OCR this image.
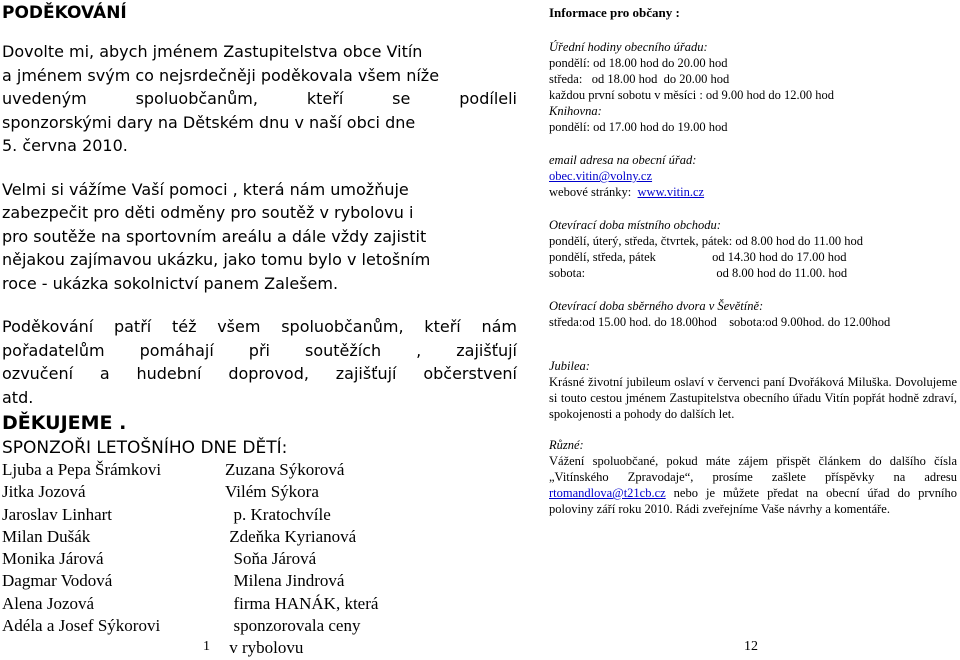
PODĚKOVÁNÍ
Dovolte mi, abych jménem Zastupitelstva obce Vitín
a jménem svým co nejsrdečněji poděkovala všem níže
uvedeným spoluobčanům, kteří se podíleli
sponzorskými dary na Dětském dnu v naší obci dne
5. června 2010.
Velmi si vážíme Vaší pomoci , která nám umožňuje
zabezpečit pro děti odměny pro soutěž v rybolovu i
pro soutěže na sportovním areálu a dále vždy zajistit
nějakou zajímavou ukázku, jako tomu bylo v letošním
roce - ukázka sokolnictví panem Zalešem.
Poděkování patří též všem spoluobčanům, kteří nám
pořadatelům pomáhají při soutěžích , zajišťují
ozvučení a hudební doprovod, zajišťují občerstvení
atd.
DĚKUJEME .
SPONZOŘI LETOŠNÍHO DNE DĚTÍ:
Ljuba a Pepa Šrámkovi	Zuzana Sýkorová
Jitka Jozová	Vilém Sýkora
Jaroslav Linhart	p. Kratochvíle
Milan Dušák	Zdeňka Kyrianová
Monika Járová	Soňa Járová
Dagmar Vodová	Milena Jindrová
Alena Jozová	firma HANÁK, která
Adéla a Josef Sýkorovi	sponzorovala ceny
v rybolovu
Informace pro občany :
Úřední hodiny obecního úřadu:
pondělí: od 18.00 hod do 20.00 hod
středa:   od 18.00 hod  do 20.00 hod
každou první sobotu v měsíci : od 9.00 hod do 12.00 hod
Knihovna:
pondělí: od 17.00 hod do 19.00 hod
email adresa na obecní úřad:
obec.vitin@volny.cz
webové stránky:  www.vitin.cz
Otevírací doba místního obchodu:
pondělí, úterý, středa, čtvrtek, pátek: od 8.00 hod do 11.00 hod
pondělí, středa, pátek                  od 14.30 hod do 17.00 hod
sobota:                                          od 8.00 hod do 11.00. hod
Otevírací doba sběrného dvora v Ševětíně:
středa:od 15.00 hod. do 18.00hod    sobota:od 9.00hod. do 12.00hod
Jubilea:
Krásné životní jubileum oslaví v červenci paní Dvořáková Miluška. Dovolujeme si touto cestou jménem Zastupitelstva obecního úřadu Vitín popřát hodně zdraví, spokojenosti a pohody do dalších let.
Různé:
Vážení spoluobčané, pokud máte zájem přispět článkem do dalšího čísla „Vitínského Zpravodaje“, prosíme zašlete příspěvky na adresu rtomandlova@t21cb.cz nebo je můžete předat na obecní úřad do prvního poloviny září roku 2010. Rádi zveřejníme Vaše návrhy a komentáře.
1	12
